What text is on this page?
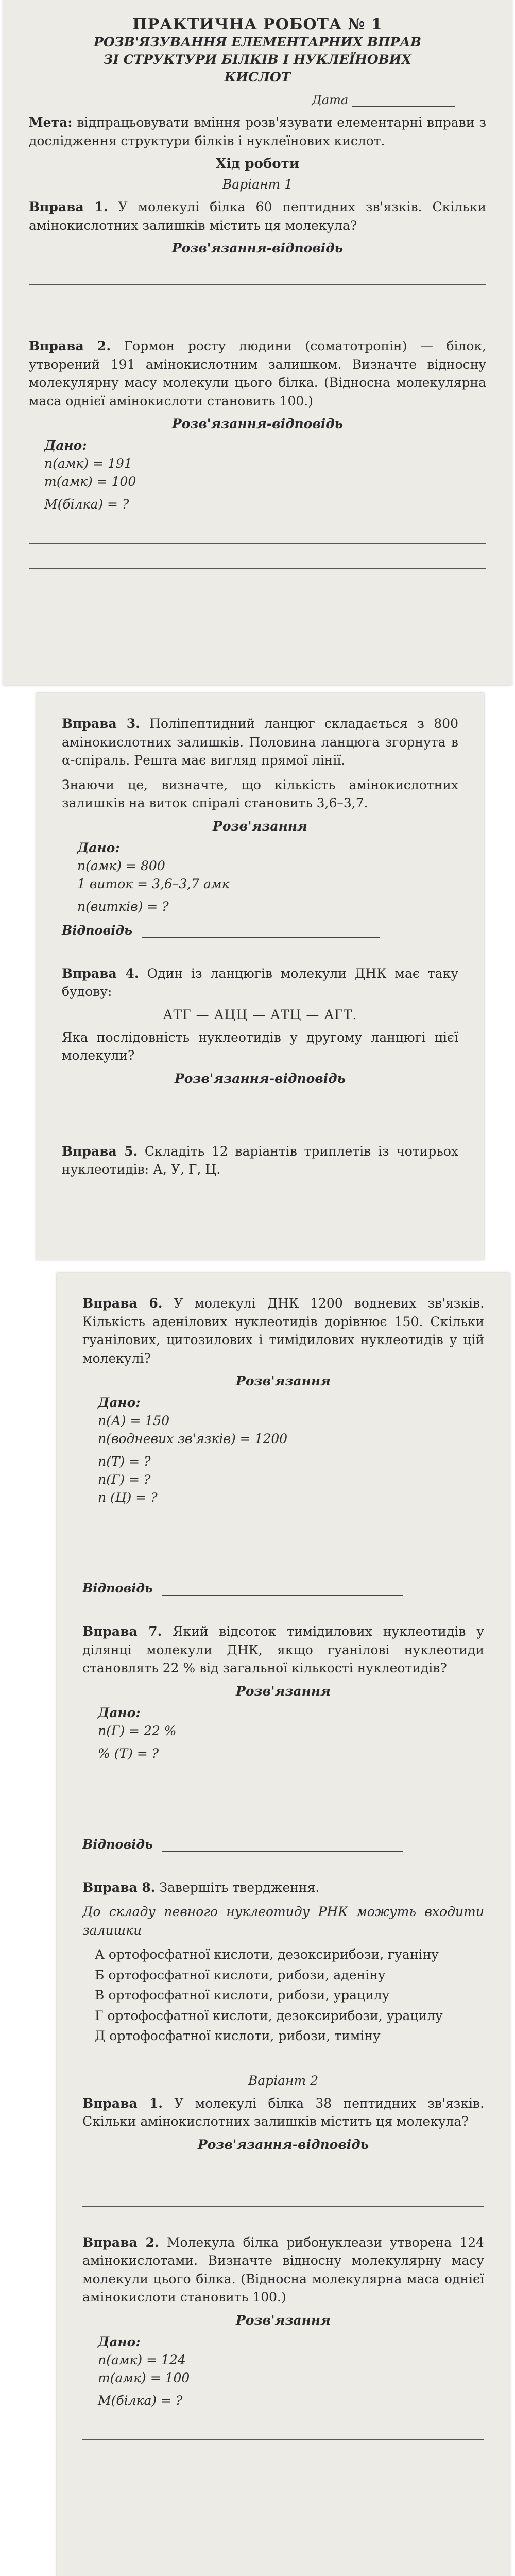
ПРАКТИЧНА РОБОТА № 1
РОЗВ'ЯЗУВАННЯ ЕЛЕМЕНТАРНИХ ВПРАВ
ЗІ СТРУКТУРИ БІЛКІВ І НУКЛЕЇНОВИХ
КИСЛОТ
Дата

Мета: відпрацьовувати вміння розв'язувати елементарні вправи з дослідження структури білків і нуклеїнових кислот.

Хід роботи
Варіант 1

Вправа 1. У молекулі білка 60 пептидних зв'язків. Скільки амінокислотних залишків містить ця молекула?

Розв'язання-відповідь

Вправа 2. Гормон росту людини (соматотропін) — білок, утворений 191 амінокислотним залишком. Визначте відносну молекулярну масу молекули цього білка. (Відносна молекулярна маса однієї амінокислоти становить 100.)

Розв'язання-відповідь
Дано:
n(амк) = 191
m(амк) = 100
M(білка) = ?

Вправа 3. Поліпептидний ланцюг складається з 800 амінокислотних залишків. Половина ланцюга згорнута в α-спіраль. Решта має вигляд прямої лінії.

Знаючи це, визначте, що кількість амінокислотних залишків на виток спіралі становить 3,6–3,7.

Розв'язання
Дано:
n(амк) = 800
1 виток = 3,6–3,7 амк
n(витків) = ?
Відповідь

Вправа 4. Один із ланцюгів молекули ДНК має таку будову:

АТГ — АЦЦ — АТЦ — АГТ.

Яка послідовність нуклеотидів у другому ланцюгі цієї молекули?

Розв'язання-відповідь

Вправа 5. Складіть 12 варіантів триплетів із чотирьох нуклеотидів: А, У, Г, Ц.

Вправа 6. У молекулі ДНК 1200 водневих зв'язків. Кількість аденілових нуклеотидів дорівнює 150. Скільки гуанілових, цитозилових і тимідилових нуклеотидів у цій молекулі?

Розв'язання
Дано:
n(А) = 150
n(водневих зв'язків) = 1200
n(Т) = ?
n(Г) = ?
n (Ц) = ?
Відповідь

Вправа 7. Який відсоток тимідилових нуклеотидів у ділянці молекули ДНК, якщо гуанілові нуклеотиди становлять 22 % від загальної кількості нуклеотидів?

Розв'язання
Дано:
n(Г) = 22 %
% (Т) = ?
Відповідь

Вправа 8. Завершіть твердження.

До складу певного нуклеотиду РНК можуть входити залишки

А ортофосфатної кислоти, дезоксирибози, гуаніну

Б ортофосфатної кислоти, рибози, аденіну

В ортофосфатної кислоти, рибози, урацилу

Г ортофосфатної кислоти, дезоксирибози, урацилу

Д ортофосфатної кислоти, рибози, тиміну

Варіант 2

Вправа 1. У молекулі білка 38 пептидних зв'язків. Скільки амінокислотних залишків містить ця молекула?

Розв'язання-відповідь

Вправа 2. Молекула білка рибонуклеази утворена 124 амінокислотами. Визначте відносну молекулярну масу молекули цього білка. (Відносна молекулярна маса однієї амінокислоти становить 100.)

Розв'язання
Дано:
n(амк) = 124
m(амк) = 100
M(білка) = ?
